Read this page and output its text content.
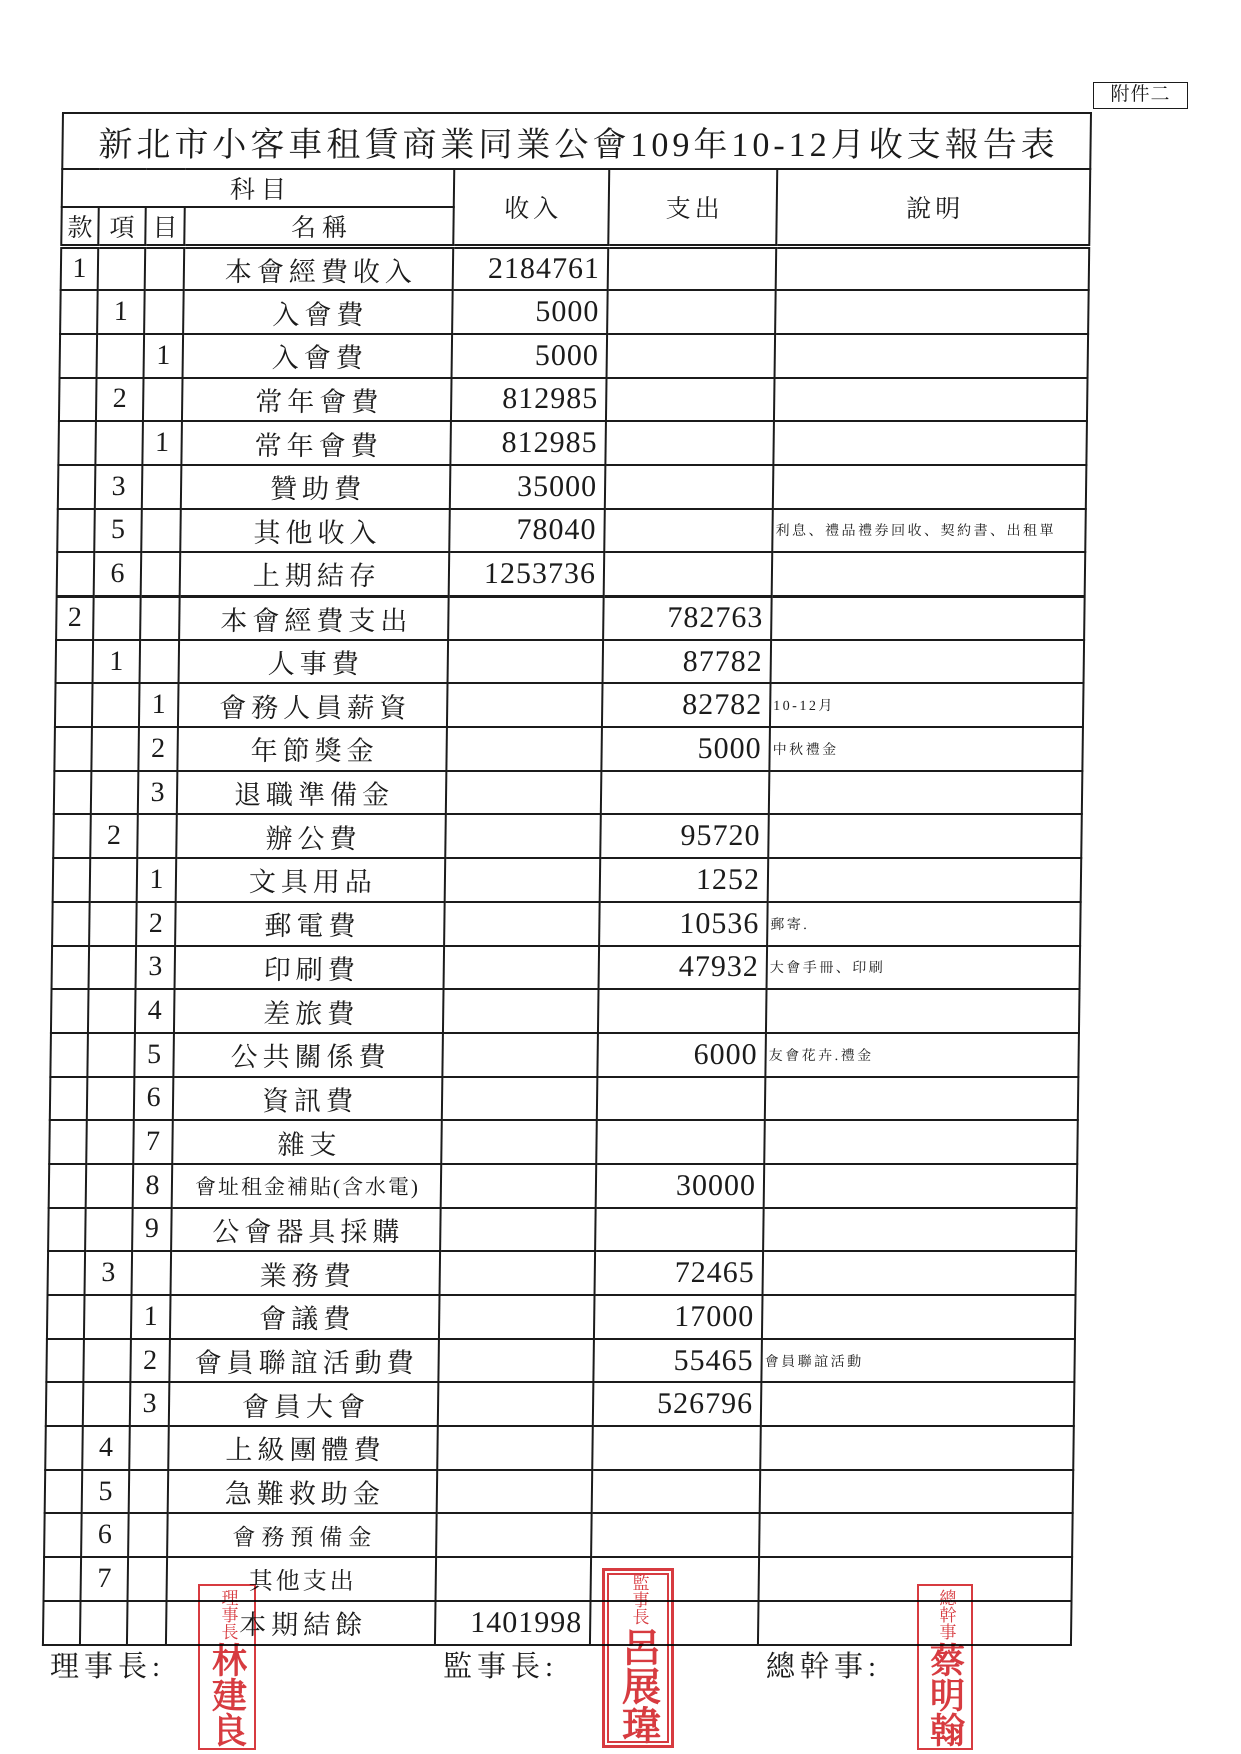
附件二
新北市小客車租賃商業同業公會109年10-12月收支報告表						
科目				收入	支出	說明
款	項	目	名稱			
1			本會經費收入	2184761		
	1		入會費	5000		
		1	入會費	5000		
	2		常年會費	812985		
		1	常年會費	812985		
	3		贊助費	35000		
	5		其他收入	78040		利息、禮品禮券回收、契約書、出租單
	6		上期結存	1253736		
2			本會經費支出		782763	
	1		人事費		87782	
		1	會務人員薪資		82782	10-12月
		2	年節獎金		5000	中秋禮金
		3	退職準備金			
	2		辦公費		95720	
		1	文具用品		1252	
		2	郵電費		10536	郵寄.
		3	印刷費		47932	大會手冊、印刷
		4	差旅費			
		5	公共關係費		6000	友會花卉.禮金
		6	資訊費			
		7	雜支			
		8	會址租金補貼(含水電)		30000	
		9	公會器具採購			
	3		業務費		72465	
		1	會議費		17000	
		2	會員聯誼活動費		55465	會員聯誼活動
		3	會員大會		526796	
	4		上級團體費			
	5		急難救助金			
	6		會務預備金			
	7		其他支出			
			本期結餘	1401998		
理事長:	監事長:	總幹事:
理事長
林建良
監事長
呂展瑋
總幹事
蔡明翰
